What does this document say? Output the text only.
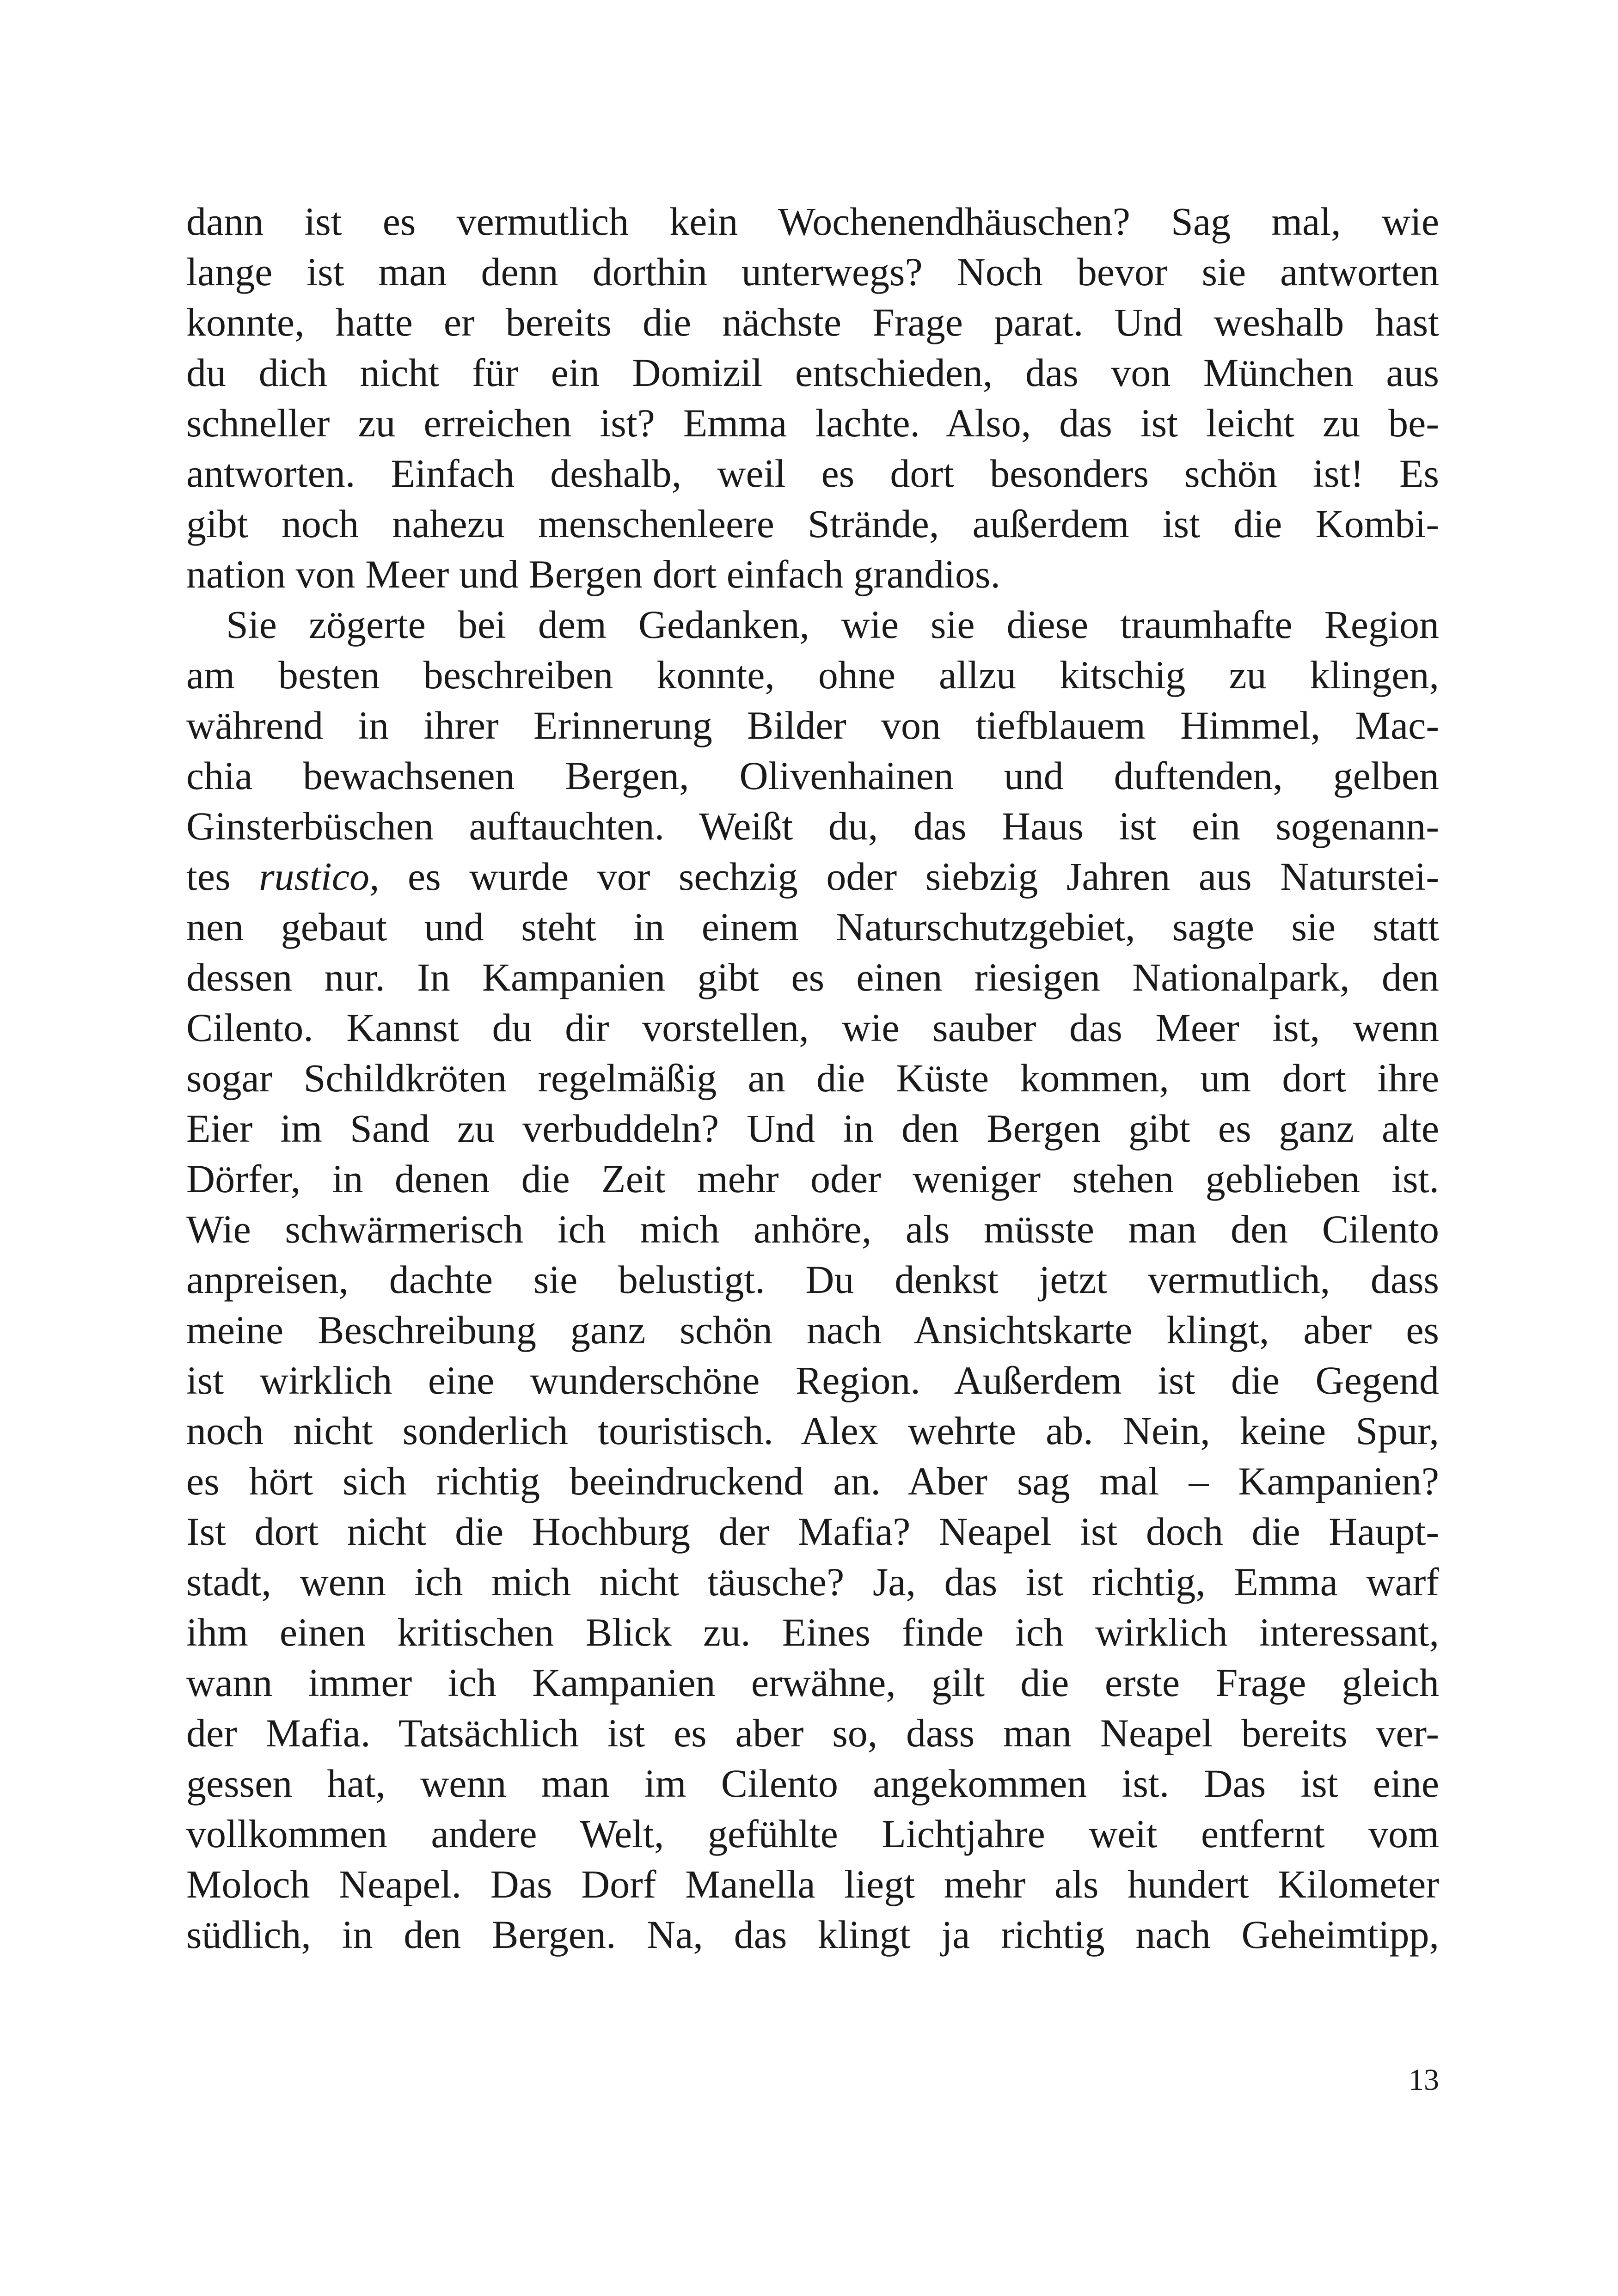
dann ist es vermutlich kein Wochenendhäuschen? Sag mal, wie
lange ist man denn dorthin unterwegs? Noch bevor sie antworten
konnte, hatte er bereits die nächste Frage parat. Und weshalb hast
du dich nicht für ein Domizil entschieden, das von München aus
schneller zu erreichen ist? Emma lachte. Also, das ist leicht zu be-
antworten. Einfach deshalb, weil es dort besonders schön ist! Es
gibt noch nahezu menschenleere Strände, außerdem ist die Kombi-
nation von Meer und Bergen dort einfach grandios.
Sie zögerte bei dem Gedanken, wie sie diese traumhafte Region
am besten beschreiben konnte, ohne allzu kitschig zu klingen,
während in ihrer Erinnerung Bilder von tiefblauem Himmel, Mac-
chia bewachsenen Bergen, Olivenhainen und duftenden, gelben
Ginsterbüschen auftauchten. Weißt du, das Haus ist ein sogenann-
tes rustico, es wurde vor sechzig oder siebzig Jahren aus Naturstei-
nen gebaut und steht in einem Naturschutzgebiet, sagte sie statt
dessen nur. In Kampanien gibt es einen riesigen Nationalpark, den
Cilento. Kannst du dir vorstellen, wie sauber das Meer ist, wenn
sogar Schildkröten regelmäßig an die Küste kommen, um dort ihre
Eier im Sand zu verbuddeln? Und in den Bergen gibt es ganz alte
Dörfer, in denen die Zeit mehr oder weniger stehen geblieben ist.
Wie schwärmerisch ich mich anhöre, als müsste man den Cilento
anpreisen, dachte sie belustigt. Du denkst jetzt vermutlich, dass
meine Beschreibung ganz schön nach Ansichtskarte klingt, aber es
ist wirklich eine wunderschöne Region. Außerdem ist die Gegend
noch nicht sonderlich touristisch. Alex wehrte ab. Nein, keine Spur,
es hört sich richtig beeindruckend an. Aber sag mal – Kampanien?
Ist dort nicht die Hochburg der Mafia? Neapel ist doch die Haupt-
stadt, wenn ich mich nicht täusche? Ja, das ist richtig, Emma warf
ihm einen kritischen Blick zu. Eines finde ich wirklich interessant,
wann immer ich Kampanien erwähne, gilt die erste Frage gleich
der Mafia. Tatsächlich ist es aber so, dass man Neapel bereits ver-
gessen hat, wenn man im Cilento angekommen ist. Das ist eine
vollkommen andere Welt, gefühlte Lichtjahre weit entfernt vom
Moloch Neapel. Das Dorf Manella liegt mehr als hundert Kilometer
südlich, in den Bergen. Na, das klingt ja richtig nach Geheimtipp,
13
